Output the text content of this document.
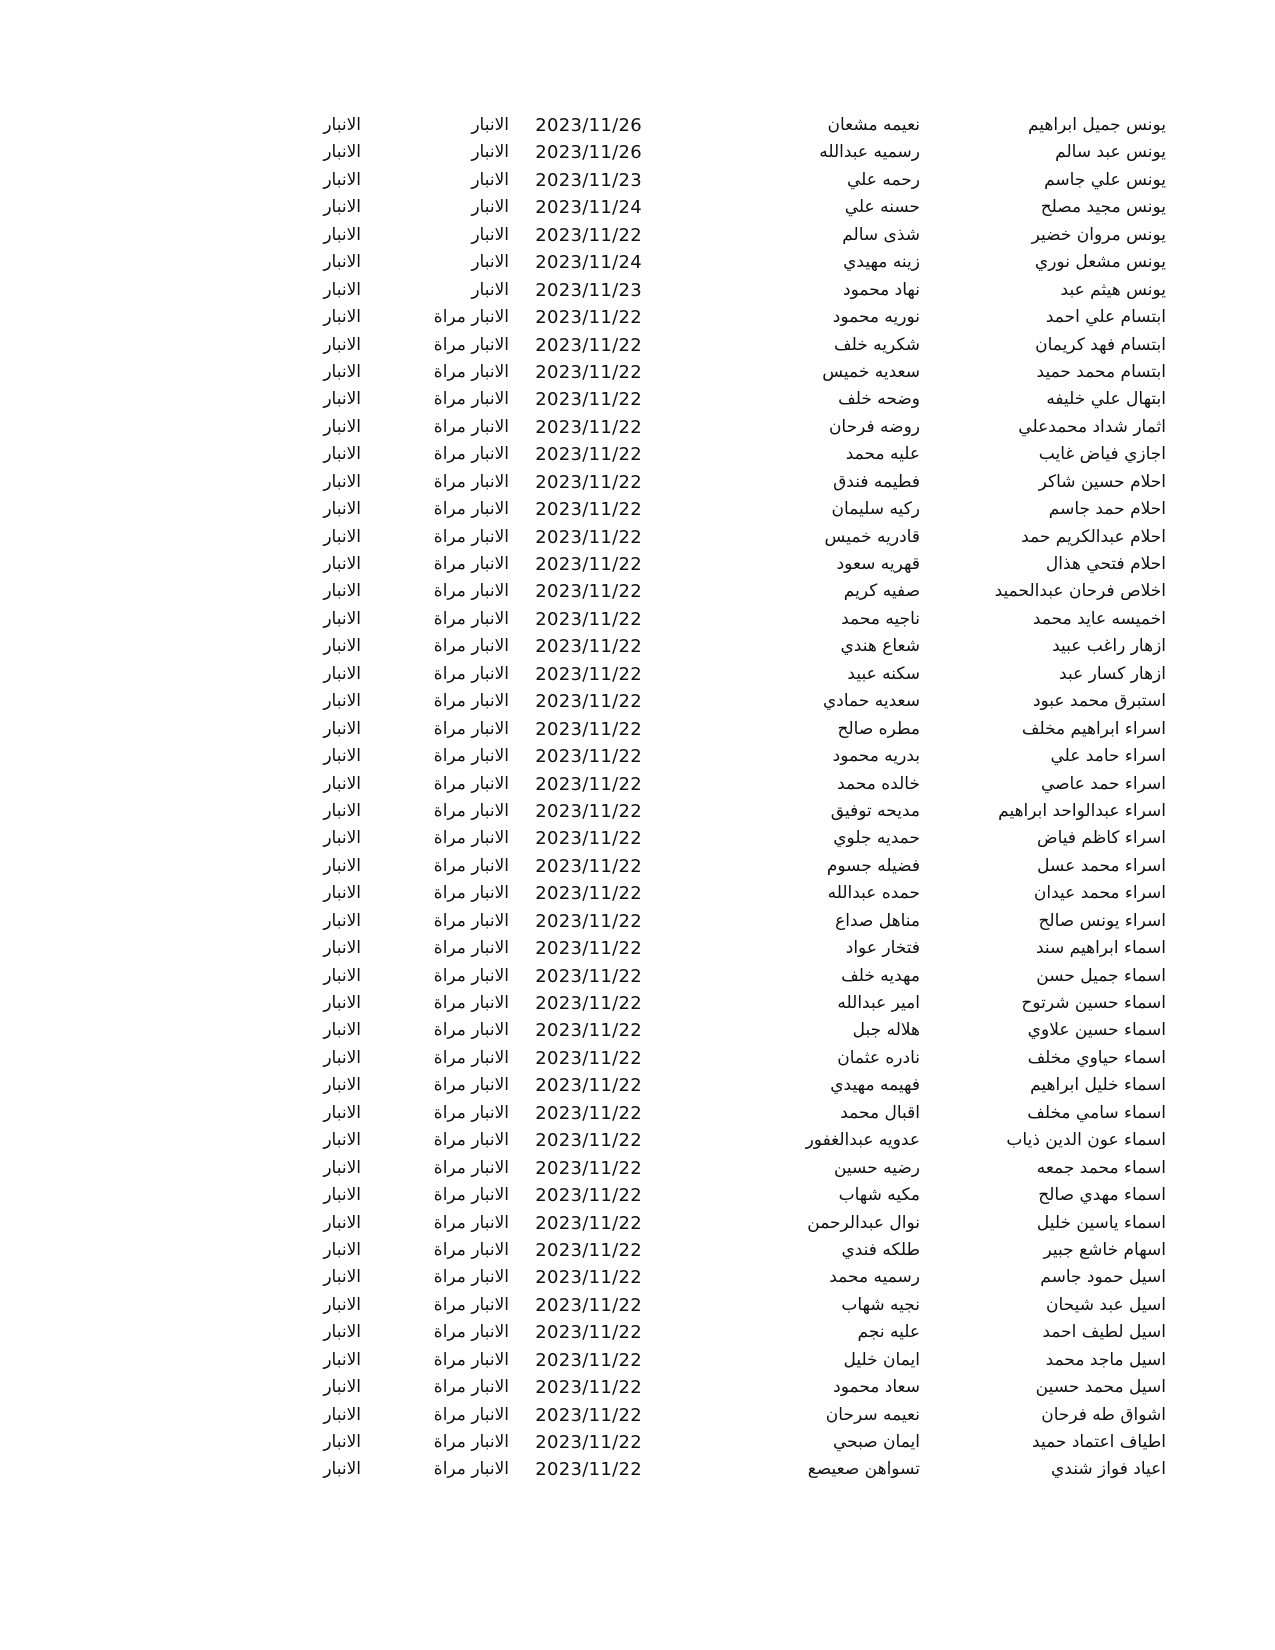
يونس جميل ابراهيم
نعيمه مشعان
2023/11/26
الانبار
الانبار
يونس عبد سالم
رسميه عبدالله
2023/11/26
الانبار
الانبار
يونس علي جاسم
رحمه علي
2023/11/23
الانبار
الانبار
يونس مجيد مصلح
حسنه علي
2023/11/24
الانبار
الانبار
يونس مروان خضير
شذى سالم
2023/11/22
الانبار
الانبار
يونس مشعل نوري
زينه مهيدي
2023/11/24
الانبار
الانبار
يونس هيثم عبد
نهاد محمود
2023/11/23
الانبار
الانبار
ابتسام علي احمد
نوريه محمود
2023/11/22
الانبار مراة
الانبار
ابتسام فهد كريمان
شكريه خلف
2023/11/22
الانبار مراة
الانبار
ابتسام محمد حميد
سعديه خميس
2023/11/22
الانبار مراة
الانبار
ابتهال علي خليفه
وضحه خلف
2023/11/22
الانبار مراة
الانبار
اثمار شداد محمدعلي
روضه فرحان
2023/11/22
الانبار مراة
الانبار
اجازي فياض غايب
عليه محمد
2023/11/22
الانبار مراة
الانبار
احلام حسين شاكر
فطيمه فندق
2023/11/22
الانبار مراة
الانبار
احلام حمد جاسم
ركيه سليمان
2023/11/22
الانبار مراة
الانبار
احلام عبدالكريم حمد
قادريه خميس
2023/11/22
الانبار مراة
الانبار
احلام فتحي هذال
قهريه سعود
2023/11/22
الانبار مراة
الانبار
اخلاص فرحان عبدالحميد
صفيه كريم
2023/11/22
الانبار مراة
الانبار
اخميسه عايد محمد
ناجيه محمد
2023/11/22
الانبار مراة
الانبار
ازهار راغب عبيد
شعاع هندي
2023/11/22
الانبار مراة
الانبار
ازهار كسار عبد
سكنه عبيد
2023/11/22
الانبار مراة
الانبار
استبرق محمد عبود
سعديه حمادي
2023/11/22
الانبار مراة
الانبار
اسراء ابراهيم مخلف
مطره صالح
2023/11/22
الانبار مراة
الانبار
اسراء حامد علي
بدريه محمود
2023/11/22
الانبار مراة
الانبار
اسراء حمد عاصي
خالده محمد
2023/11/22
الانبار مراة
الانبار
اسراء عبدالواحد ابراهيم
مديحه توفيق
2023/11/22
الانبار مراة
الانبار
اسراء كاظم فياض
حمديه جلوي
2023/11/22
الانبار مراة
الانبار
اسراء محمد عسل
فضيله جسوم
2023/11/22
الانبار مراة
الانبار
اسراء محمد عيدان
حمده عبدالله
2023/11/22
الانبار مراة
الانبار
اسراء يونس صالح
مناهل صداع
2023/11/22
الانبار مراة
الانبار
اسماء ابراهيم سند
فتخار عواد
2023/11/22
الانبار مراة
الانبار
اسماء جميل حسن
مهديه خلف
2023/11/22
الانبار مراة
الانبار
اسماء حسين شرتوح
امير عبدالله
2023/11/22
الانبار مراة
الانبار
اسماء حسين علاوي
هلاله جبل
2023/11/22
الانبار مراة
الانبار
اسماء حياوي مخلف
نادره عثمان
2023/11/22
الانبار مراة
الانبار
اسماء خليل ابراهيم
فهيمه مهيدي
2023/11/22
الانبار مراة
الانبار
اسماء سامي مخلف
اقبال محمد
2023/11/22
الانبار مراة
الانبار
اسماء عون الدين ذياب
عدويه عبدالغفور
2023/11/22
الانبار مراة
الانبار
اسماء محمد جمعه
رضيه حسين
2023/11/22
الانبار مراة
الانبار
اسماء مهدي صالح
مكيه شهاب
2023/11/22
الانبار مراة
الانبار
اسماء ياسين خليل
نوال عبدالرحمن
2023/11/22
الانبار مراة
الانبار
اسهام خاشع جبير
طلكه فندي
2023/11/22
الانبار مراة
الانبار
اسيل حمود جاسم
رسميه محمد
2023/11/22
الانبار مراة
الانبار
اسيل عبد شيحان
نجيه شهاب
2023/11/22
الانبار مراة
الانبار
اسيل لطيف احمد
عليه نجم
2023/11/22
الانبار مراة
الانبار
اسيل ماجد محمد
ايمان خليل
2023/11/22
الانبار مراة
الانبار
اسيل محمد حسين
سعاد محمود
2023/11/22
الانبار مراة
الانبار
اشواق طه فرحان
نعيمه سرحان
2023/11/22
الانبار مراة
الانبار
اطياف اعتماد حميد
ايمان صبحي
2023/11/22
الانبار مراة
الانبار
اعياد فواز شندي
تسواهن صعيصع
2023/11/22
الانبار مراة
الانبار
